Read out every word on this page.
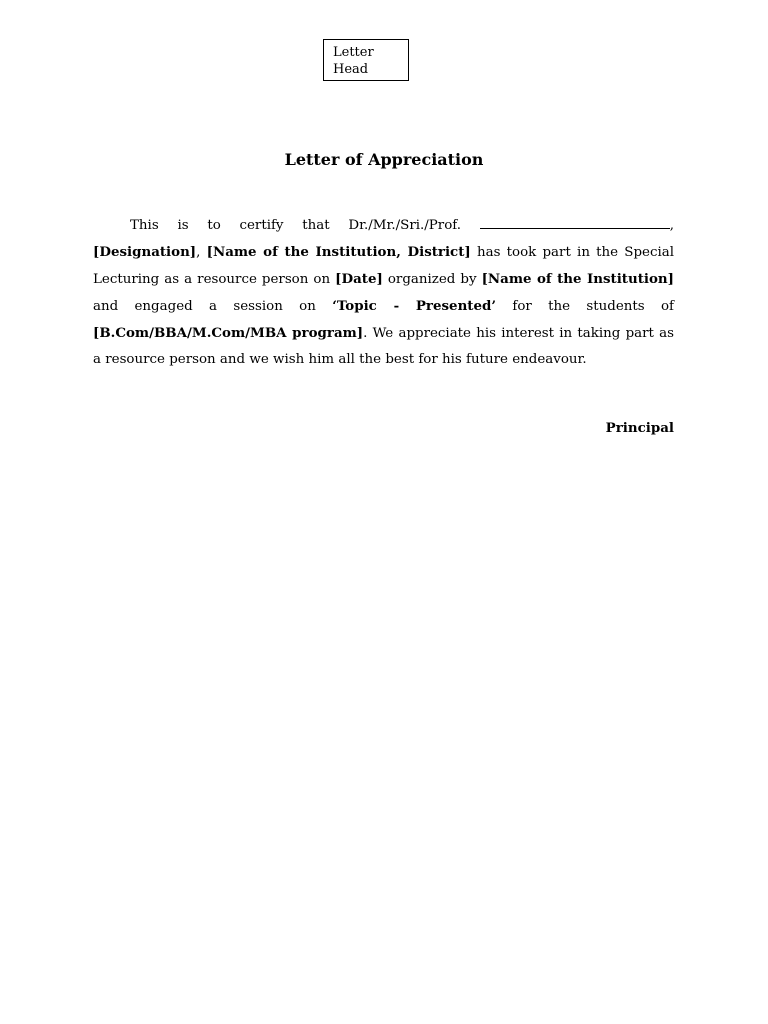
Letter
Head
Letter of Appreciation

This is to certify that Dr./Mr./Sri./Prof.	, [Designation], [Name of the Institution, District] has took part in the Special Lecturing as a resource person on [Date] organized by [Name of the Institution] and engaged a session on ‘Topic - Presented’ for the students of [B.Com/BBA/M.Com/MBA program]. We appreciate his interest in taking part as a resource person and we wish him all the best for his future endeavour.

Principal
